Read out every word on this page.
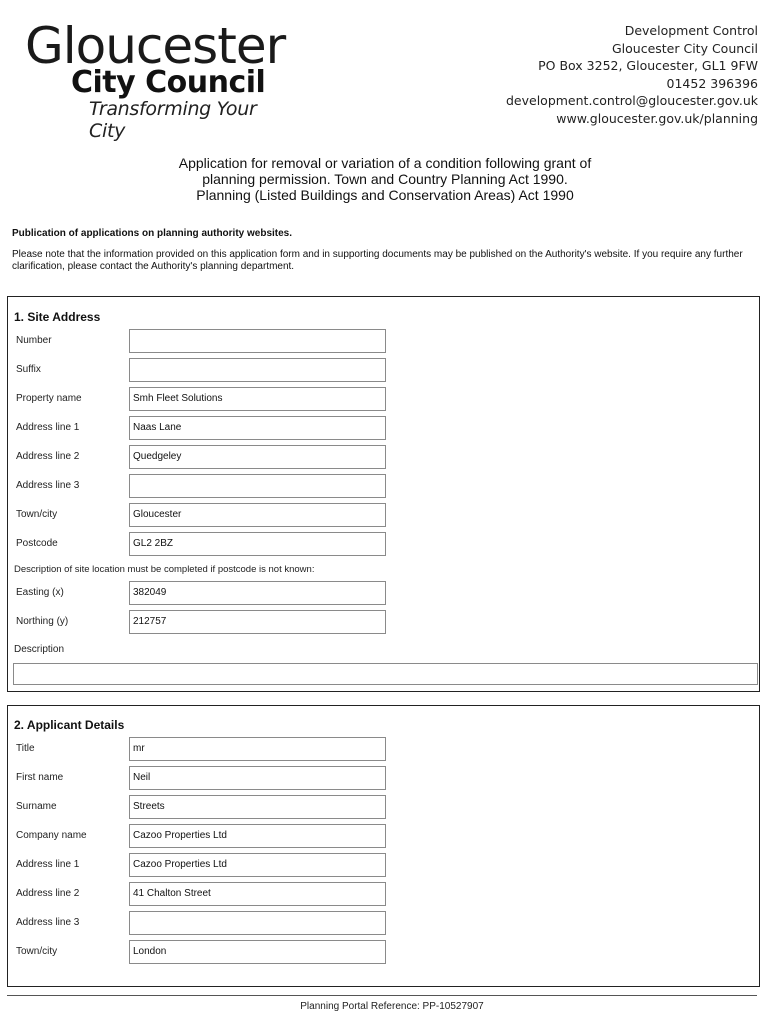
Gloucester
City Council
Transforming Your City
Development Control
Gloucester City Council
PO Box 3252, Gloucester, GL1 9FW
01452 396396
development.control@gloucester.gov.uk
www.gloucester.gov.uk/planning
Application for removal or variation of a condition following grant of
planning permission. Town and Country Planning Act 1990.
Planning (Listed Buildings and Conservation Areas) Act 1990
Publication of applications on planning authority websites.
Please note that the information provided on this application form and in supporting documents may be published on the Authority's website. If you require any further clarification, please contact the Authority's planning department.
1. Site Address
Number
Suffix
Property name	Smh Fleet Solutions
Address line 1	Naas Lane
Address line 2	Quedgeley
Address line 3
Town/city	Gloucester
Postcode	GL2 2BZ
Description of site location must be completed if postcode is not known:
Easting (x)	382049
Northing (y)	212757
Description
2. Applicant Details
Title	mr
First name	Neil
Surname	Streets
Company name	Cazoo Properties Ltd
Address line 1	Cazoo Properties Ltd
Address line 2	41 Chalton Street
Address line 3
Town/city	London
Planning Portal Reference: PP-10527907
